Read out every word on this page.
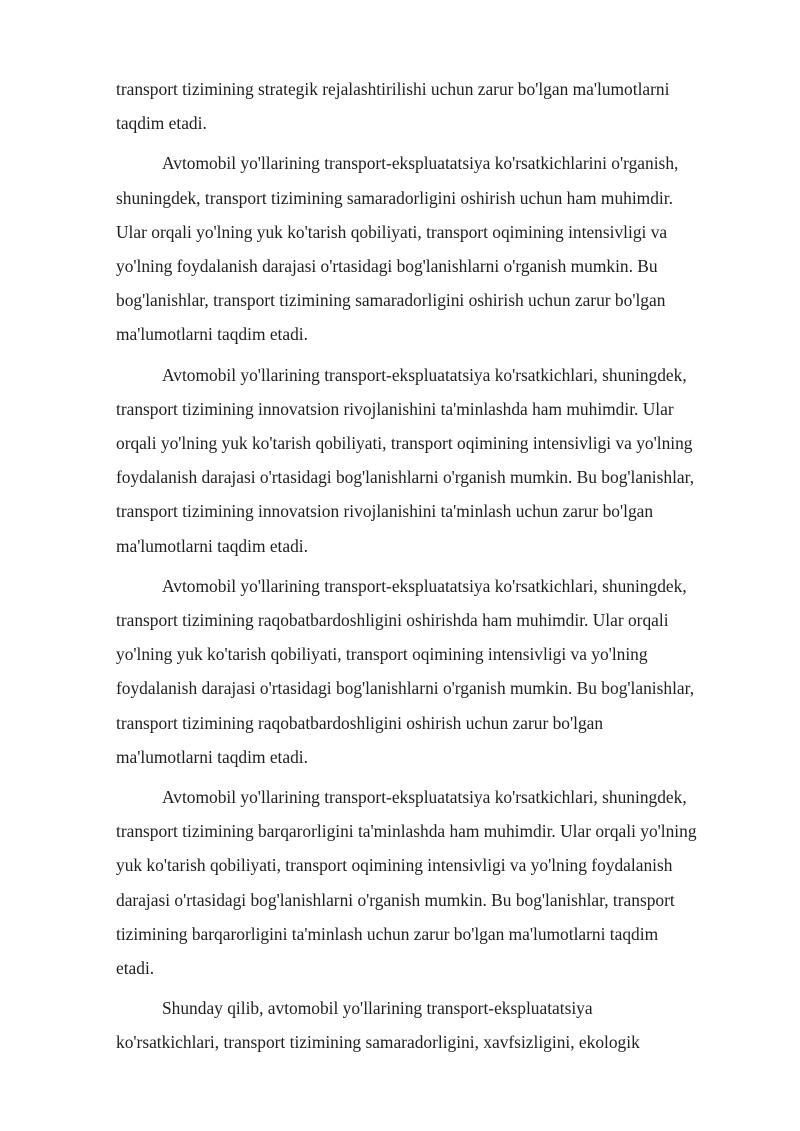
transport tizimining strategik rejalashtirilishi uchun zarur bo'lgan ma'lumotlarni
taqdim etadi.

Avtomobil yo'llarining transport-ekspluatatsiya ko'rsatkichlarini o'rganish,
shuningdek, transport tizimining samaradorligini oshirish uchun ham muhimdir.
Ular orqali yo'lning yuk ko'tarish qobiliyati, transport oqimining intensivligi va
yo'lning foydalanish darajasi o'rtasidagi bog'lanishlarni o'rganish mumkin. Bu
bog'lanishlar, transport tizimining samaradorligini oshirish uchun zarur bo'lgan
ma'lumotlarni taqdim etadi.

Avtomobil yo'llarining transport-ekspluatatsiya ko'rsatkichlari, shuningdek,
transport tizimining innovatsion rivojlanishini ta'minlashda ham muhimdir. Ular
orqali yo'lning yuk ko'tarish qobiliyati, transport oqimining intensivligi va yo'lning
foydalanish darajasi o'rtasidagi bog'lanishlarni o'rganish mumkin. Bu bog'lanishlar,
transport tizimining innovatsion rivojlanishini ta'minlash uchun zarur bo'lgan
ma'lumotlarni taqdim etadi.

Avtomobil yo'llarining transport-ekspluatatsiya ko'rsatkichlari, shuningdek,
transport tizimining raqobatbardoshligini oshirishda ham muhimdir. Ular orqali
yo'lning yuk ko'tarish qobiliyati, transport oqimining intensivligi va yo'lning
foydalanish darajasi o'rtasidagi bog'lanishlarni o'rganish mumkin. Bu bog'lanishlar,
transport tizimining raqobatbardoshligini oshirish uchun zarur bo'lgan
ma'lumotlarni taqdim etadi.

Avtomobil yo'llarining transport-ekspluatatsiya ko'rsatkichlari, shuningdek,
transport tizimining barqarorligini ta'minlashda ham muhimdir. Ular orqali yo'lning
yuk ko'tarish qobiliyati, transport oqimining intensivligi va yo'lning foydalanish
darajasi o'rtasidagi bog'lanishlarni o'rganish mumkin. Bu bog'lanishlar, transport
tizimining barqarorligini ta'minlash uchun zarur bo'lgan ma'lumotlarni taqdim
etadi.

Shunday qilib, avtomobil yo'llarining transport-ekspluatatsiya
ko'rsatkichlari, transport tizimining samaradorligini, xavfsizligini, ekologik
